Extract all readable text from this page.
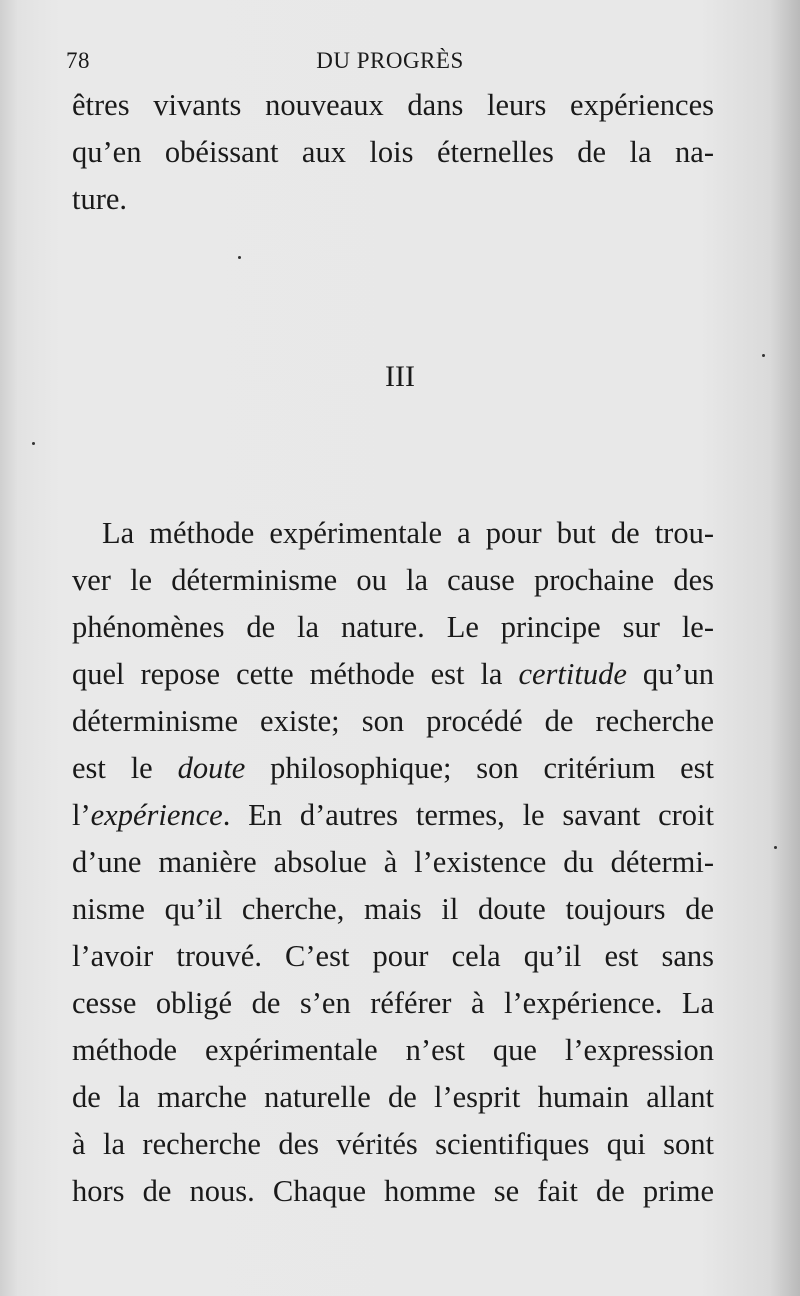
78	DU PROGRÈS
êtres vivants nouveaux dans leurs expériences
qu’en obéissant aux lois éternelles de la na-
ture.
III
La méthode expérimentale a pour but de trou-
ver le déterminisme ou la cause prochaine des
phénomènes de la nature. Le principe sur le-
quel repose cette méthode est la certitude qu’un
déterminisme existe; son procédé de recherche
est le doute philosophique; son critérium est
l’expérience. En d’autres termes, le savant croit
d’une manière absolue à l’existence du détermi-
nisme qu’il cherche, mais il doute toujours de
l’avoir trouvé. C’est pour cela qu’il est sans
cesse obligé de s’en référer à l’expérience. La
méthode expérimentale n’est que l’expression
de la marche naturelle de l’esprit humain allant
à la recherche des vérités scientifiques qui sont
hors de nous. Chaque homme se fait de prime
